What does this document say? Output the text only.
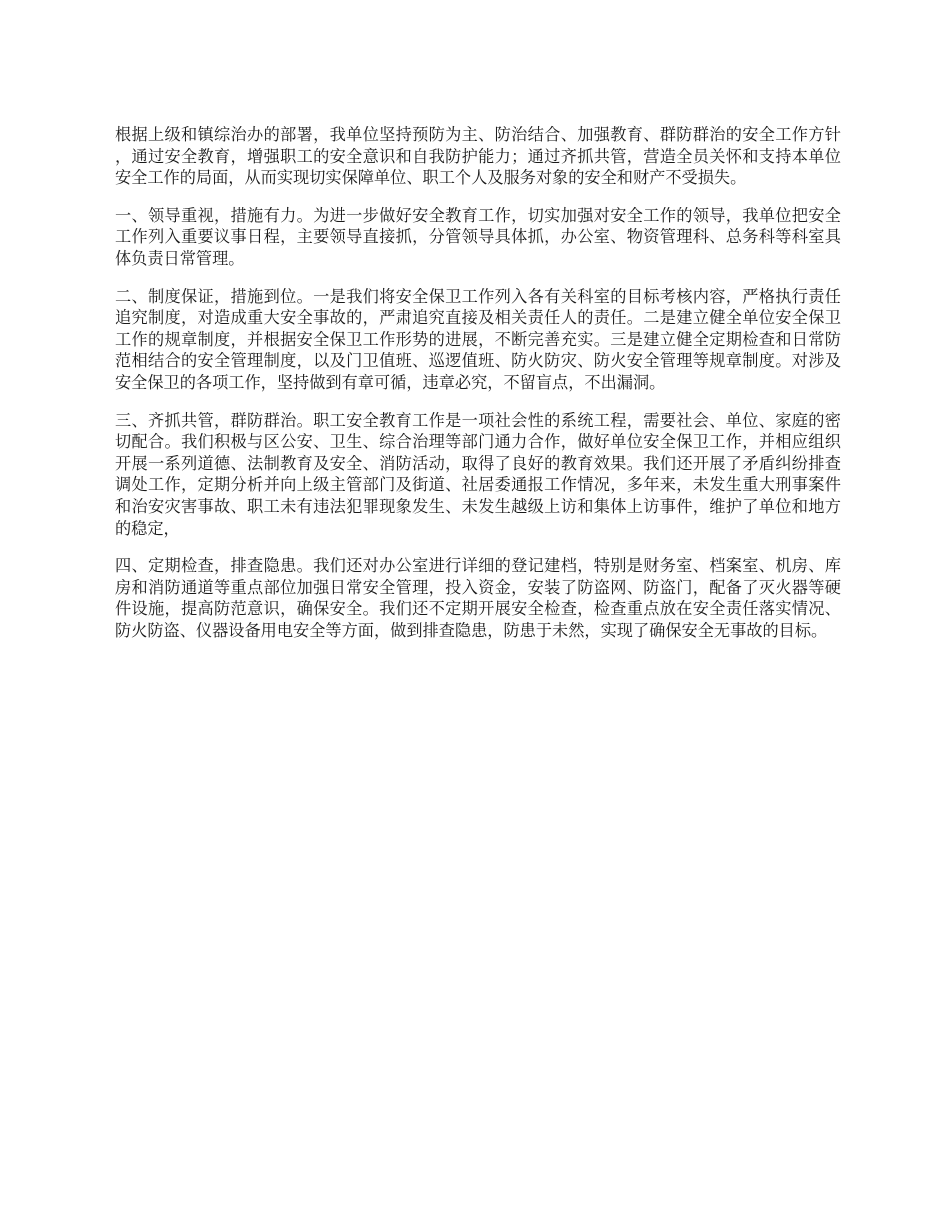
根据上级和镇综治办的部署，我单位坚持预防为主、防治结合、加强教育、群防群治的安全工作方针，通过安全教育，增强职工的安全意识和自我防护能力；通过齐抓共管，营造全员关怀和支持本单位安全工作的局面，从而实现切实保障单位、职工个人及服务对象的安全和财产不受损失。

一、领导重视，措施有力。为进一步做好安全教育工作，切实加强对安全工作的领导，我单位把安全工作列入重要议事日程，主要领导直接抓，分管领导具体抓，办公室、物资管理科、总务科等科室具体负责日常管理。

二、制度保证，措施到位。一是我们将安全保卫工作列入各有关科室的目标考核内容，严格执行责任追究制度，对造成重大安全事故的，严肃追究直接及相关责任人的责任。二是建立健全单位安全保卫工作的规章制度，并根据安全保卫工作形势的进展，不断完善充实。三是建立健全定期检查和日常防范相结合的安全管理制度，以及门卫值班、巡逻值班、防火防灾、防火安全管理等规章制度。对涉及安全保卫的各项工作，坚持做到有章可循，违章必究，不留盲点，不出漏洞。

三、齐抓共管，群防群治。职工安全教育工作是一项社会性的系统工程，需要社会、单位、家庭的密切配合。我们积极与区公安、卫生、综合治理等部门通力合作，做好单位安全保卫工作，并相应组织开展一系列道德、法制教育及安全、消防活动，取得了良好的教育效果。我们还开展了矛盾纠纷排查调处工作，定期分析并向上级主管部门及街道、社居委通报工作情况，多年来，未发生重大刑事案件和治安灾害事故、职工未有违法犯罪现象发生、未发生越级上访和集体上访事件，维护了单位和地方的稳定，

四、定期检查，排查隐患。我们还对办公室进行详细的登记建档，特别是财务室、档案室、机房、库房和消防通道等重点部位加强日常安全管理，投入资金，安装了防盗网、防盗门，配备了灭火器等硬件设施，提高防范意识，确保安全。我们还不定期开展安全检查，检查重点放在安全责任落实情况、防火防盗、仪器设备用电安全等方面，做到排查隐患，防患于未然，实现了确保安全无事故的目标。
